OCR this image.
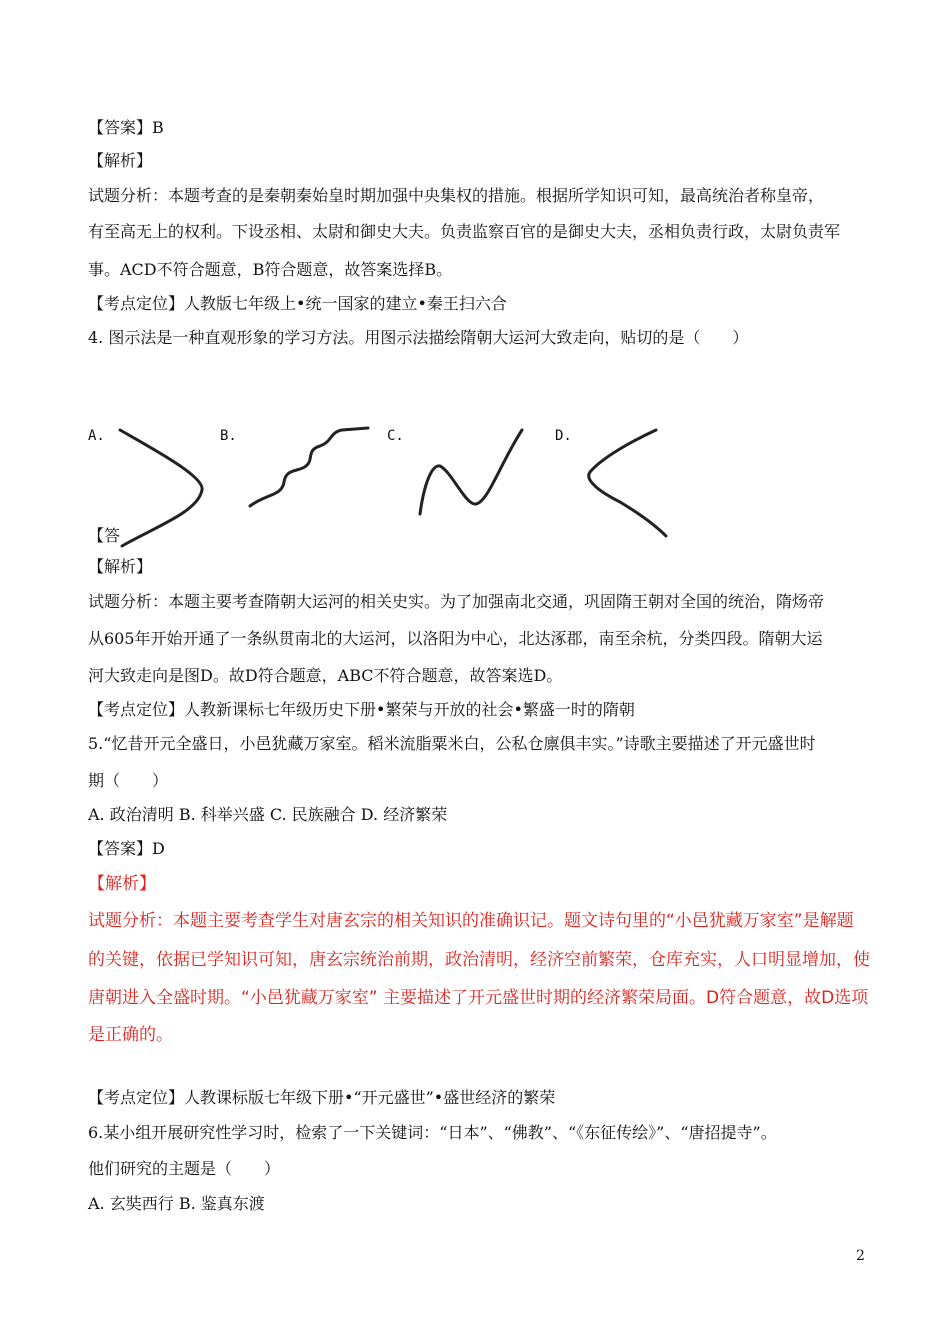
【答案】B
【解析】
试题分析：本题考查的是秦朝秦始皇时期加强中央集权的措施。根据所学知识可知，最高统治者称皇帝，
有至高无上的权利。下设丞相、太尉和御史大夫。负责监察百官的是御史大夫，丞相负责行政，太尉负责军
事。ACD不符合题意，B符合题意，故答案选择B。
【考点定位】人教版七年级上•统一国家的建立•秦王扫六合
4. 图示法是一种直观形象的学习方法。用图示法描绘隋朝大运河大致走向，贴切的是（　　）
A.	B.	C.	D.
【答
【解析】
试题分析：本题主要考查隋朝大运河的相关史实。为了加强南北交通，巩固隋王朝对全国的统治，隋炀帝
从605年开始开通了一条纵贯南北的大运河，以洛阳为中心，北达涿郡，南至余杭，分类四段。隋朝大运
河大致走向是图D。故D符合题意，ABC不符合题意，故答案选D。
【考点定位】人教新课标七年级历史下册•繁荣与开放的社会•繁盛一时的隋朝
5.“忆昔开元全盛日，小邑犹藏万家室。稻米流脂粟米白，公私仓廪俱丰实。”诗歌主要描述了开元盛世时
期（　　）
A. 政治清明 B. 科举兴盛 C. 民族融合 D. 经济繁荣
【答案】D
【解析】
试题分析：本题主要考查学生对唐玄宗的相关知识的准确识记。题文诗句里的“小邑犹藏万家室”是解题
的关键，依据已学知识可知，唐玄宗统治前期，政治清明，经济空前繁荣，仓库充实，人口明显增加，使
唐朝进入全盛时期。“小邑犹藏万家室” 主要描述了开元盛世时期的经济繁荣局面。D符合题意，故D选项
是正确的。
【考点定位】人教课标版七年级下册•“开元盛世”•盛世经济的繁荣
6.某小组开展研究性学习时，检索了一下关键词：“日本”、“佛教”、“《东征传绘》”、“唐招提寺”。
他们研究的主题是（　　）
A. 玄奘西行 B. 鉴真东渡
2
